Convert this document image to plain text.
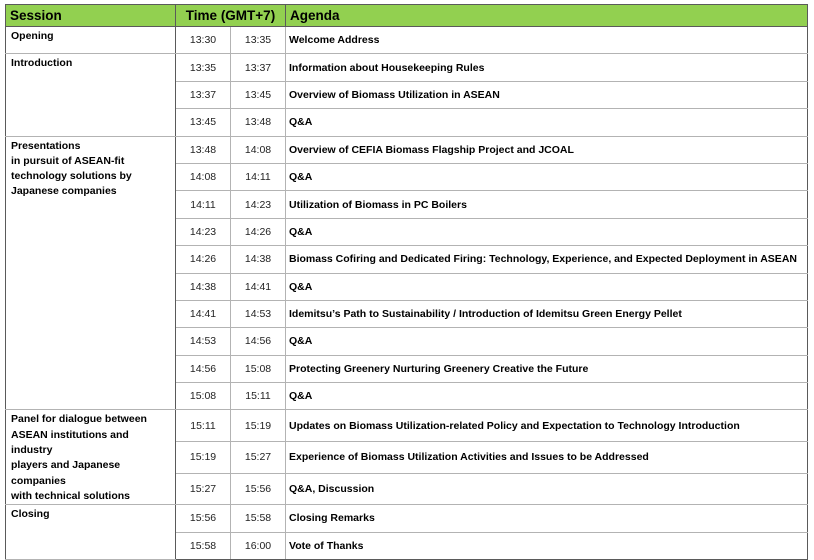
Session	Time (GMT+7)		Agenda
Opening	13:30	13:35	Welcome Address
Introduction	13:35	13:37	Information about Housekeeping Rules
	13:37	13:45	Overview of Biomass Utilization in ASEAN
	13:45	13:48	Q&A
Presentations
in pursuit of ASEAN-fit
technology solutions by
Japanese companies	13:48	14:08	Overview of CEFIA Biomass Flagship Project and JCOAL
	14:08	14:11	Q&A
	14:11	14:23	Utilization of Biomass in PC Boilers
	14:23	14:26	Q&A
	14:26	14:38	Biomass Cofiring and Dedicated Firing: Technology, Experience, and Expected Deployment in ASEAN
	14:38	14:41	Q&A
	14:41	14:53	Idemitsu’s Path to Sustainability / Introduction of Idemitsu Green Energy Pellet
	14:53	14:56	Q&A
	14:56	15:08	Protecting Greenery Nurturing Greenery Creative the Future
	15:08	15:11	Q&A
Panel for dialogue between
ASEAN institutions and industry
players and Japanese companies
with technical solutions	15:11	15:19	Updates on Biomass Utilization-related Policy and Expectation to Technology Introduction
	15:19	15:27	Experience of Biomass Utilization Activities and Issues to be Addressed
	15:27	15:56	Q&A, Discussion
Closing	15:56	15:58	Closing Remarks
	15:58	16:00	Vote of Thanks
